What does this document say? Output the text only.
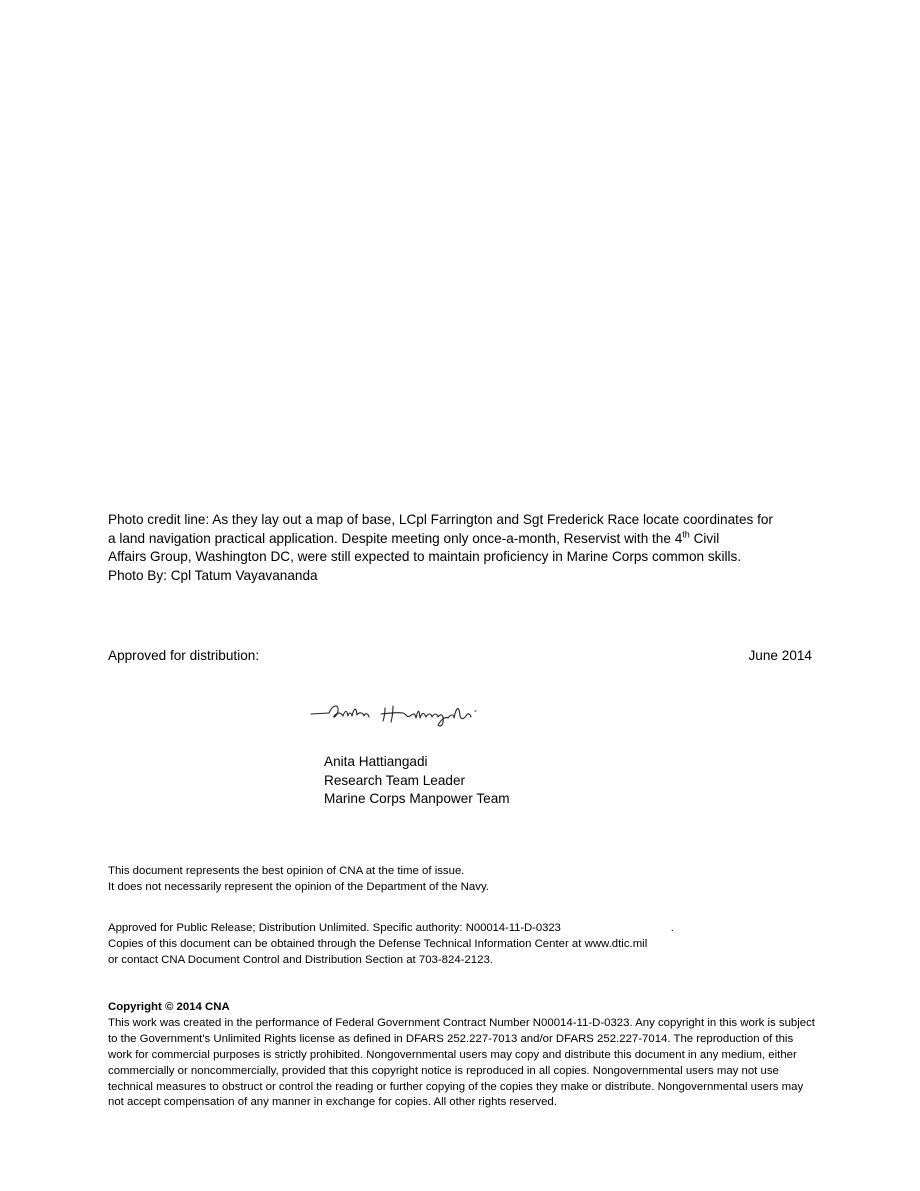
Photo credit line: As they lay out a map of base, LCpl Farrington and Sgt Frederick Race locate coordinates for
a land navigation practical application. Despite meeting only once-a-month, Reservist with the 4th Civil
Affairs Group, Washington DC, were still expected to maintain proficiency in Marine Corps common skills.
Photo By: Cpl Tatum Vayavananda
Approved for distribution:	June 2014
Anita Hattiangadi
Research Team Leader
Marine Corps Manpower Team
This document represents the best opinion of CNA at the time of issue.
It does not necessarily represent the opinion of the Department of the Navy.
Approved for Public Release; Distribution Unlimited. Specific authority: N00014-11-D-0323	.
Copies of this document can be obtained through the Defense Technical Information Center at www.dtic.mil
or contact CNA Document Control and Distribution Section at 703-824-2123.
Copyright © 2014 CNA
This work was created in the performance of Federal Government Contract Number N00014-11-D-0323. Any copyright in this work is subject to the Government's Unlimited Rights license as defined in DFARS 252.227-7013 and/or DFARS 252.227-7014. The reproduction of this work for commercial purposes is strictly prohibited. Nongovernmental users may copy and distribute this document in any medium, either commercially or noncommercially, provided that this copyright notice is reproduced in all copies. Nongovernmental users may not use technical measures to obstruct or control the reading or further copying of the copies they make or distribute. Nongovernmental users may not accept compensation of any manner in exchange for copies. All other rights reserved.
